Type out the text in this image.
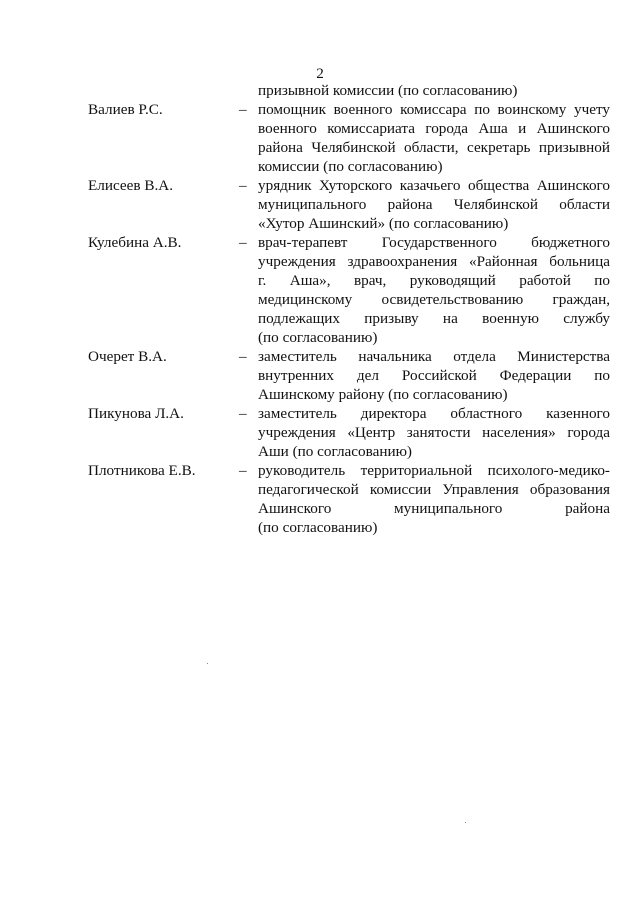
2
призывной комиссии (по согласованию)
Валиев Р.С.	– помощник военного комиссара по воинскому учету
военного комиссариата города Аша и Ашинского
района Челябинской области, секретарь призывной
комиссии (по согласованию)
Елисеев В.А.	– урядник Хуторского казачьего общества Ашинского
муниципального района Челябинской области
«Хутор Ашинский» (по согласованию)
Кулебина А.В.	– врач-терапевт Государственного бюджетного
учреждения здравоохранения «Районная больница
г. Аша», врач, руководящий работой по
медицинскому освидетельствованию граждан,
подлежащих призыву на военную службу
(по согласованию)
Очерет В.А.	– заместитель начальника отдела Министерства
внутренних дел Российской Федерации по
Ашинскому району (по согласованию)
Пикунова Л.А.	– заместитель директора областного казенного
учреждения «Центр занятости населения» города
Аши (по согласованию)
Плотникова Е.В.	– руководитель территориальной психолого-медико-
педагогической комиссии Управления образования
Ашинского муниципального района
(по согласованию)
